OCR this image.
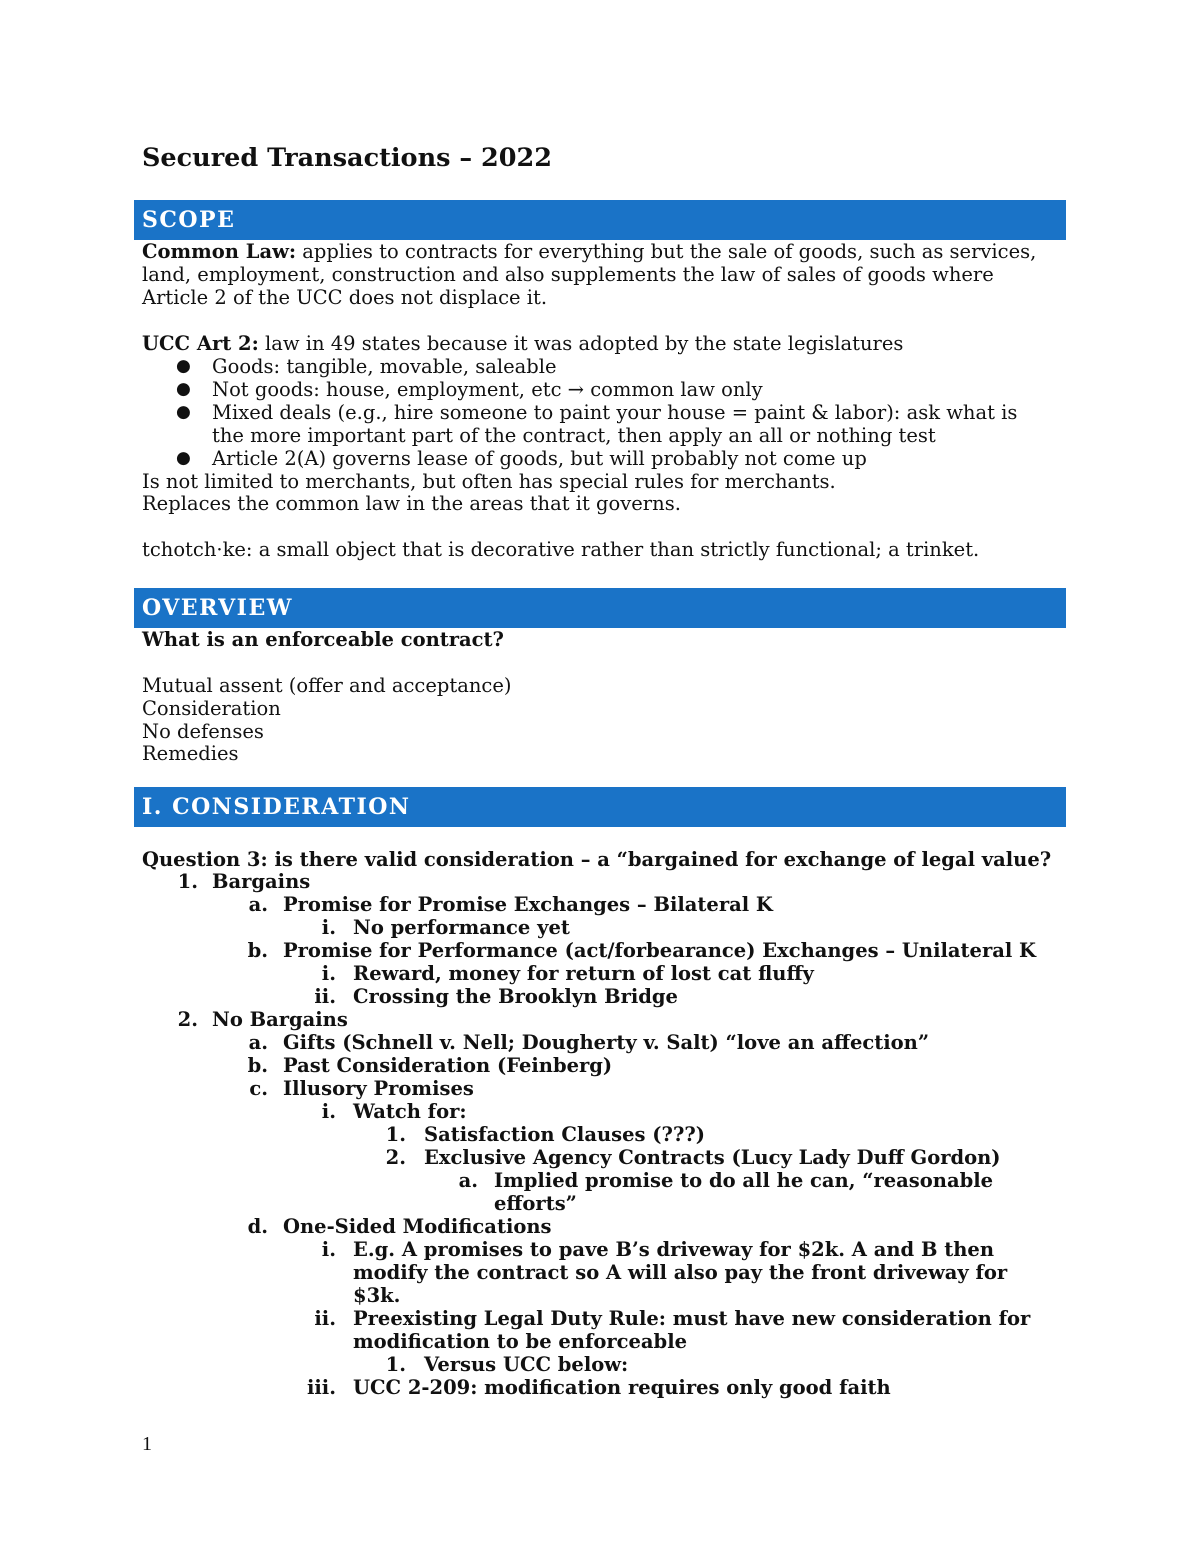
Secured Transactions – 2022
SCOPE
Common Law: applies to contracts for everything but the sale of goods, such as services,
land, employment, construction and also supplements the law of sales of goods where
Article 2 of the UCC does not displace it.
UCC Art 2: law in 49 states because it was adopted by the state legislatures
● Goods: tangible, movable, saleable
● Not goods: house, employment, etc → common law only
● Mixed deals (e.g., hire someone to paint your house = paint & labor): ask what is
the more important part of the contract, then apply an all or nothing test
● Article 2(A) governs lease of goods, but will probably not come up
Is not limited to merchants, but often has special rules for merchants.
Replaces the common law in the areas that it governs.
tchotch·ke: a small object that is decorative rather than strictly functional; a trinket.
OVERVIEW
What is an enforceable contract?
Mutual assent (offer and acceptance)
Consideration
No defenses
Remedies
I. CONSIDERATION
Question 3: is there valid consideration – a “bargained for exchange of legal value?
1. Bargains
a. Promise for Promise Exchanges – Bilateral K
i. No performance yet
b. Promise for Performance (act/forbearance) Exchanges – Unilateral K
i. Reward, money for return of lost cat fluffy
ii. Crossing the Brooklyn Bridge
2. No Bargains
a. Gifts (Schnell v. Nell; Dougherty v. Salt) “love an affection”
b. Past Consideration (Feinberg)
c. Illusory Promises
i. Watch for:
1. Satisfaction Clauses (???)
2. Exclusive Agency Contracts (Lucy Lady Duff Gordon)
a. Implied promise to do all he can, “reasonable
efforts”
d. One-Sided Modifications
i. E.g. A promises to pave B’s driveway for $2k. A and B then
modify the contract so A will also pay the front driveway for
$3k.
ii. Preexisting Legal Duty Rule: must have new consideration for
modification to be enforceable
1. Versus UCC below:
iii. UCC 2-209: modification requires only good faith
1
